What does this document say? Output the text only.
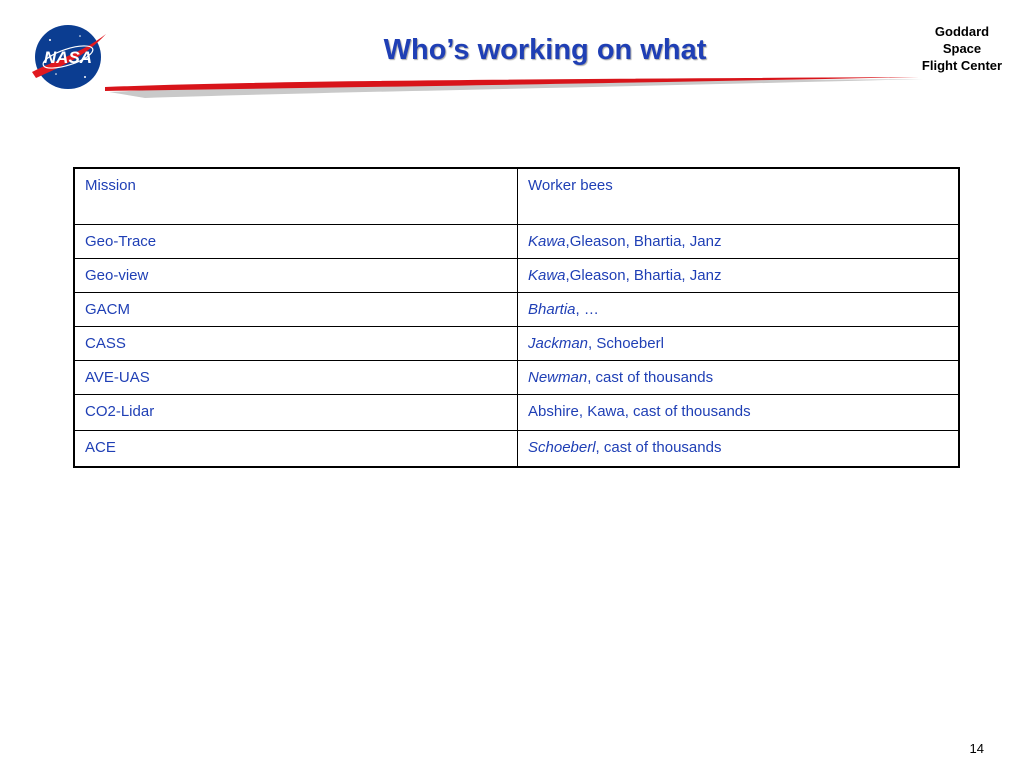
NASA	Who’s working on what
Goddard
Space
Flight Center
Mission	Worker bees
Geo-Trace	Kawa,Gleason, Bhartia, Janz
Geo-view	Kawa,Gleason, Bhartia, Janz
GACM	Bhartia, …
CASS	Jackman, Schoeberl
AVE-UAS	Newman, cast of thousands
CO2-Lidar	Abshire, Kawa, cast of thousands
ACE	Schoeberl, cast of thousands
14
